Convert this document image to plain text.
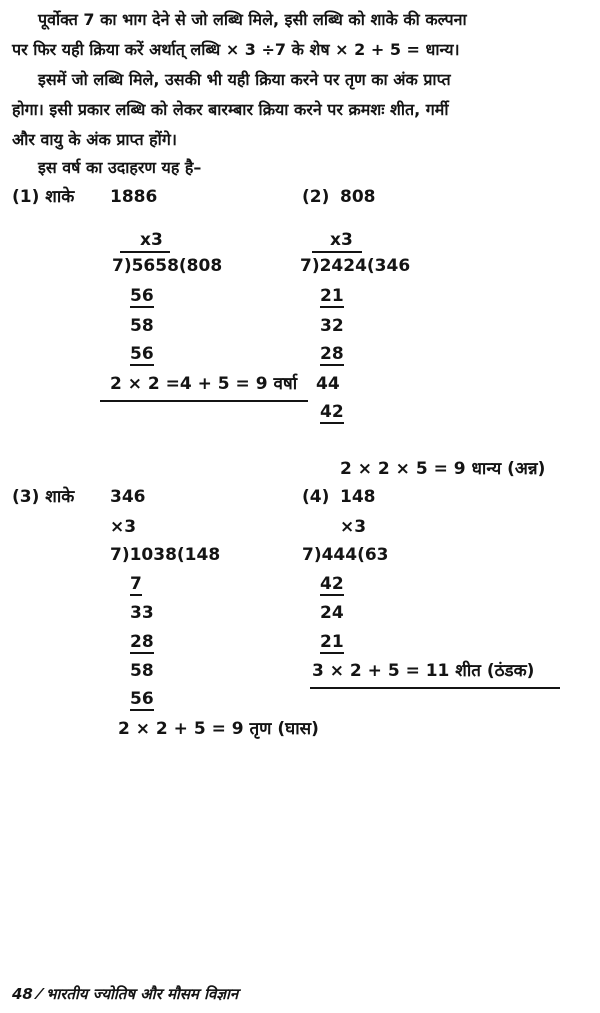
पूर्वोक्त 7 का भाग देने से जो लब्धि मिले, इसी लब्धि को शाके की कल्पना
पर फिर यही क्रिया करें अर्थात् लब्धि × 3 ÷7 के शेष × 2 + 5 = धान्य।
इसमें जो लब्धि मिले, उसकी भी यही क्रिया करने पर तृण का अंक प्राप्त
होगा। इसी प्रकार लब्धि को लेकर बारम्बार क्रिया करने पर क्रमशः शीत, गर्मी
और वायु के अंक प्राप्त होंगे।
इस वर्ष का उदाहरण यह है–
(1) शाके 1886
x3
7)5658(808
56
58
56
2 × 2 =4 + 5 = 9 वर्षा
(2) 808
x3
7)2424(346
21
32
28
44
42
2 × 2 × 5 = 9 धान्य (अन्न)
(3) शाके 346
×3
7)1038(148
7
33
28
58
56
2 × 2 + 5 = 9 तृण (घास)
(4) 148
×3
7)444(63
42
24
21
3 × 2 + 5 = 11 शीत (ठंडक)
48 ⁄ भारतीय ज्योतिष और मौसम विज्ञान
